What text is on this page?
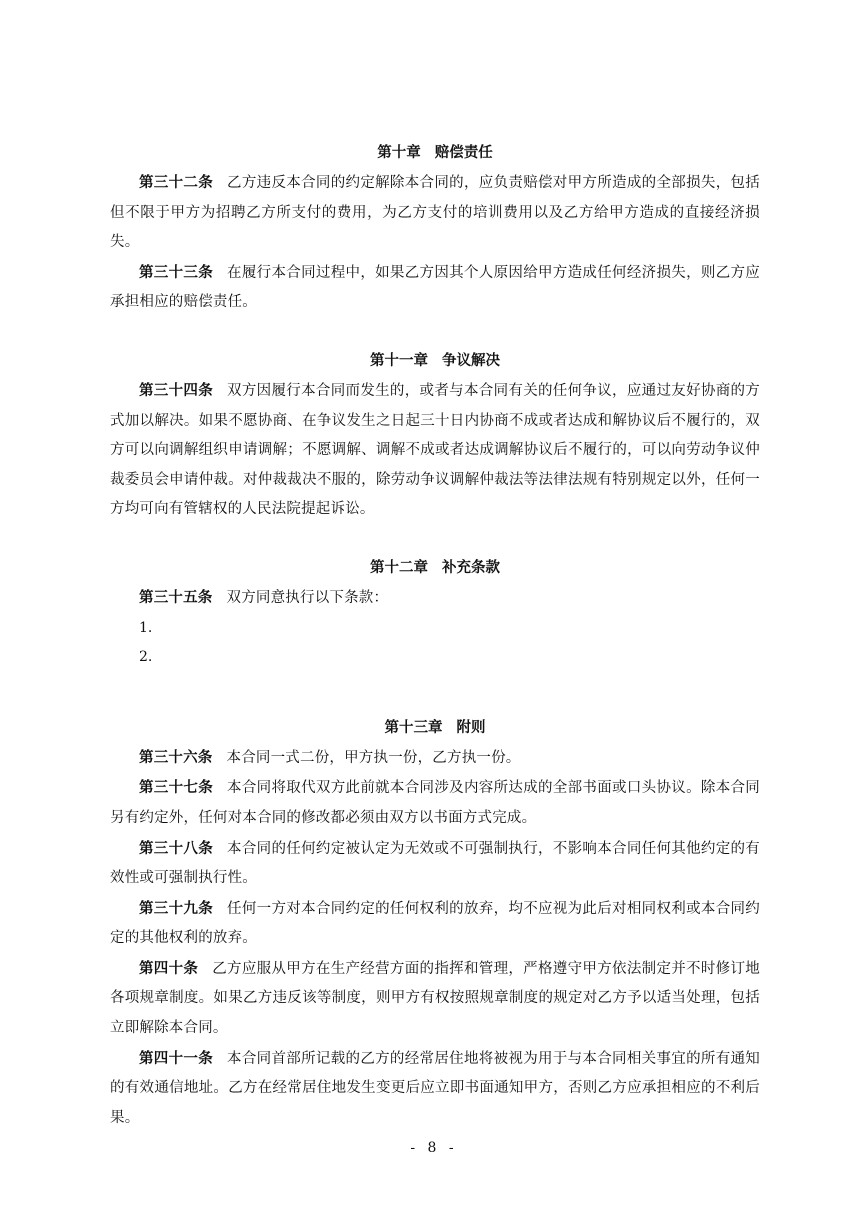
第十章 赔偿责任

第三十二条 乙方违反本合同的约定解除本合同的，应负责赔偿对甲方所造成的全部损失，包括但不限于甲方为招聘乙方所支付的费用，为乙方支付的培训费用以及乙方给甲方造成的直接经济损失。

第三十三条 在履行本合同过程中，如果乙方因其个人原因给甲方造成任何经济损失，则乙方应承担相应的赔偿责任。

第十一章 争议解决

第三十四条 双方因履行本合同而发生的，或者与本合同有关的任何争议，应通过友好协商的方式加以解决。如果不愿协商、在争议发生之日起三十日内协商不成或者达成和解协议后不履行的，双方可以向调解组织申请调解；不愿调解、调解不成或者达成调解协议后不履行的，可以向劳动争议仲裁委员会申请仲裁。对仲裁裁决不服的，除劳动争议调解仲裁法等法律法规有特别规定以外，任何一方均可向有管辖权的人民法院提起诉讼。

第十二章 补充条款

第三十五条 双方同意执行以下条款：

1.

2.

第十三章 附则

第三十六条 本合同一式二份，甲方执一份，乙方执一份。

第三十七条 本合同将取代双方此前就本合同涉及内容所达成的全部书面或口头协议。除本合同另有约定外，任何对本合同的修改都必须由双方以书面方式完成。

第三十八条 本合同的任何约定被认定为无效或不可强制执行，不影响本合同任何其他约定的有效性或可强制执行性。

第三十九条 任何一方对本合同约定的任何权利的放弃，均不应视为此后对相同权利或本合同约定的其他权利的放弃。

第四十条 乙方应服从甲方在生产经营方面的指挥和管理，严格遵守甲方依法制定并不时修订地各项规章制度。如果乙方违反该等制度，则甲方有权按照规章制度的规定对乙方予以适当处理，包括立即解除本合同。

第四十一条 本合同首部所记载的乙方的经常居住地将被视为用于与本合同相关事宜的所有通知的有效通信地址。乙方在经常居住地发生变更后应立即书面通知甲方，否则乙方应承担相应的不利后果。

- 8 -
